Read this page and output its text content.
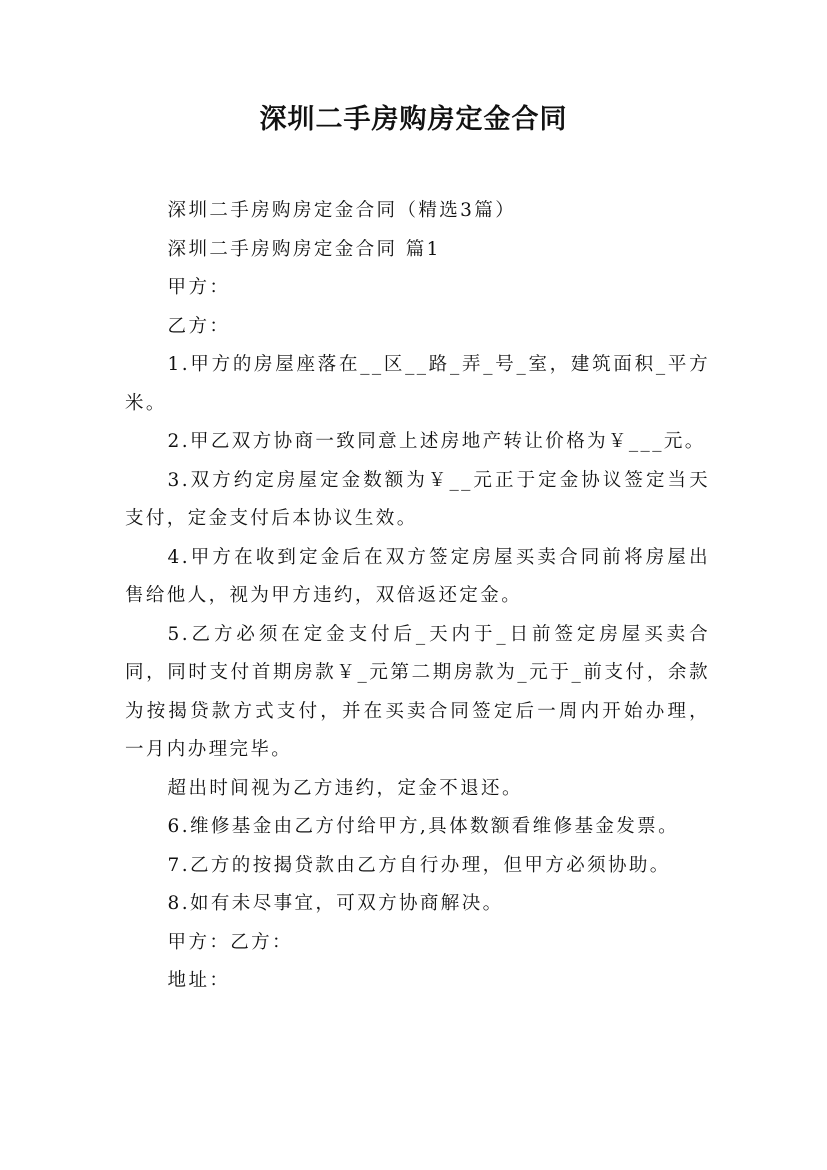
深圳二手房购房定金合同

深圳二手房购房定金合同（精选3篇）

深圳二手房购房定金合同 篇1

甲方：

乙方：

1.甲方的房屋座落在__区__路_弄_号_室，建筑面积_平方米。

2.甲乙双方协商一致同意上述房地产转让价格为￥___元。

3.双方约定房屋定金数额为￥__元正于定金协议签定当天支付，定金支付后本协议生效。

4.甲方在收到定金后在双方签定房屋买卖合同前将房屋出售给他人，视为甲方违约，双倍返还定金。

5.乙方必须在定金支付后_天内于_日前签定房屋买卖合同，同时支付首期房款￥_元第二期房款为_元于_前支付，余款为按揭贷款方式支付，并在买卖合同签定后一周内开始办理，一月内办理完毕。

超出时间视为乙方违约，定金不退还。

6.维修基金由乙方付给甲方,具体数额看维修基金发票。

7.乙方的按揭贷款由乙方自行办理，但甲方必须协助。

8.如有未尽事宜，可双方协商解决。

甲方：乙方：

地址：
